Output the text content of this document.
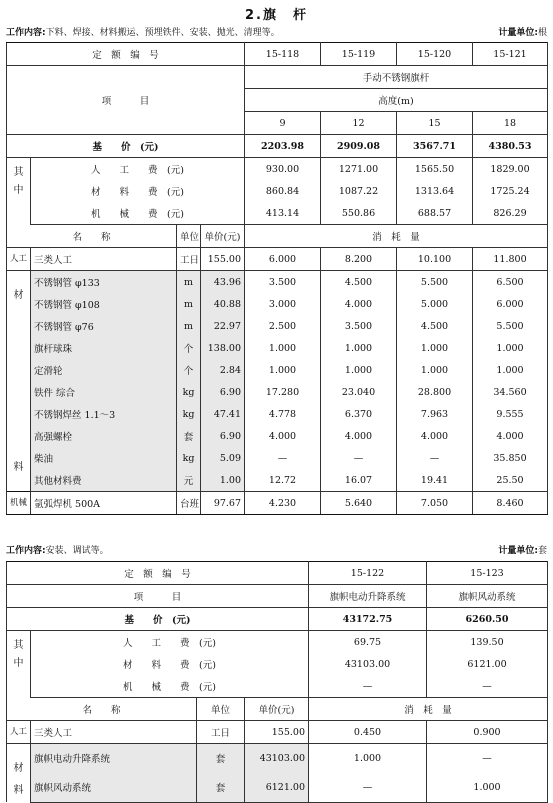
2.旗　杆
工作内容:下料、焊接、材料搬运、预埋铁件、安装、抛光、清理等。	计量单位:根
定　额　编　号				15-118	15-119	15-120	15-121
项　　　目				手动不锈钢旗杆			
				高度(m)			
				9	12	15	18
基　　价　(元)				2203.98	2909.08	3567.71	4380.53
其中	人　　工　　费　(元)			930.00	1271.00	1565.50	1829.00
	材　　料　　费　(元)			860.84	1087.22	1313.64	1725.24
	机　　械　　费　(元)			413.14	550.86	688.57	826.29
名　　称		单位	单价(元)	消　耗　量			
人工	三类人工	工日	155.00	6.000	8.200	10.100	11.800

材
料	不锈钢管 φ133	m	43.96	3.500	4.500	5.500	6.500
	不锈钢管 φ108	m	40.88	3.000	4.000	5.000	6.000
	不锈钢管 φ76	m	22.97	2.500	3.500	4.500	5.500
	旗杆球珠	个	138.00	1.000	1.000	1.000	1.000
	定滑轮	个	2.84	1.000	1.000	1.000	1.000
	铁件 综合	kg	6.90	17.280	23.040	28.800	34.560
	不锈钢焊丝 1.1～3	kg	47.41	4.778	6.370	7.963	9.555
	高强螺栓	套	6.90	4.000	4.000	4.000	4.000
	柴油	kg	5.09	—	—	—	35.850
	其他材料费	元	1.00	12.72	16.07	19.41	25.50
机械	氩弧焊机 500A	台班	97.67	4.230	5.640	7.050	8.460
工作内容:安装、调试等。	计量单位:套
定　额　编　号				15-122	15-123
项　　　目				旗帜电动升降系统	旗帜风动系统
基　　价　(元)				43172.75	6260.50
其中	人　　工　　费　(元)			69.75	139.50
	材　　料　　费　(元)			43103.00	6121.00
	机　　械　　费　(元)			—	—
名　　称		单位	单价(元)	消　耗　量	
人工	三类人工	工日	155.00	0.450	0.900

材
料	旗帜电动升降系统	套	43103.00	1.000	—
	旗帜风动系统	套	6121.00	—	1.000
